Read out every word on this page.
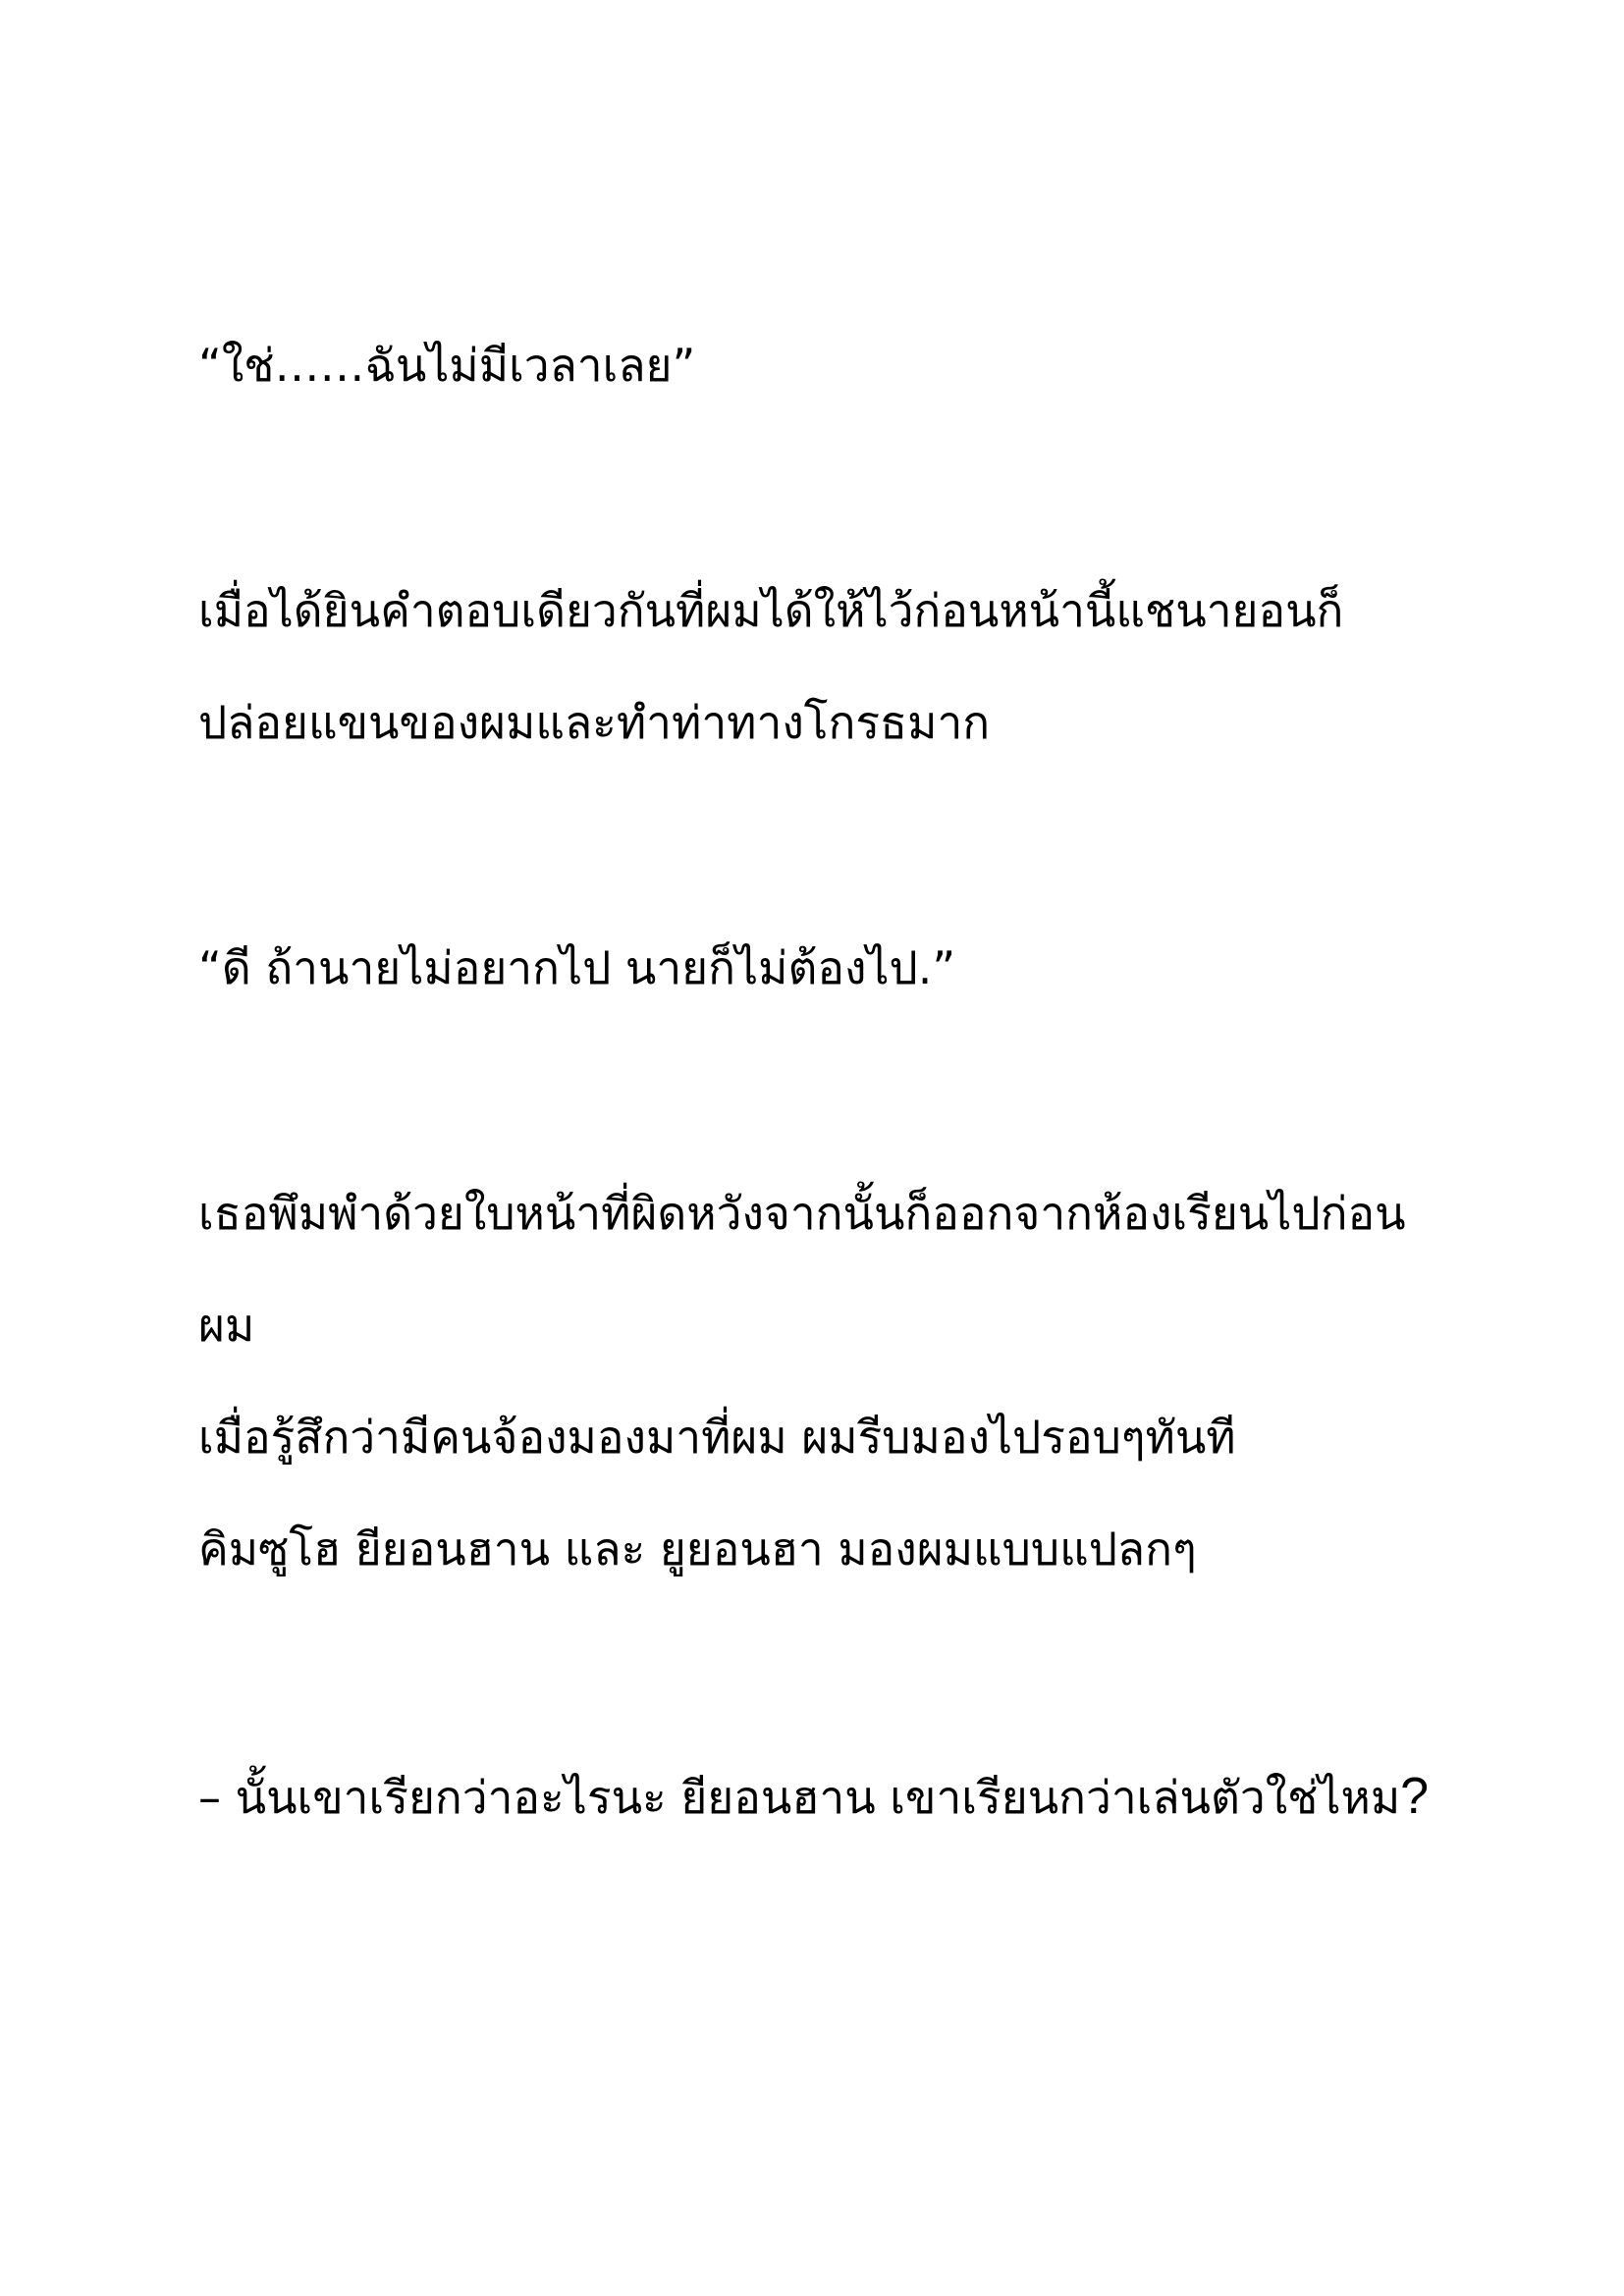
“ใช่……ฉันไม่มีเวลาเลย”
เมื่อได้ยินคำตอบเดียวกันที่ผมได้ให้ไว้ก่อนหน้านี้แชนายอนก็
ปล่อยแขนของผมและทำท่าทางโกรธมาก
“ดี ถ้านายไม่อยากไป นายก็ไม่ต้องไป.”
เธอพึมพำด้วยใบหน้าที่ผิดหวังจากนั้นก็ออกจากห้องเรียนไปก่อน
ผม
เมื่อรู้สึกว่ามีคนจ้องมองมาที่ผม ผมรีบมองไปรอบๆทันที
คิมซูโฮ ยียอนฮาน และ ยูยอนฮา มองผมแบบแปลกๆ
– นั้นเขาเรียกว่าอะไรนะ ยียอนฮาน เขาเรียนกว่าเล่นตัวใช่ไหม?
